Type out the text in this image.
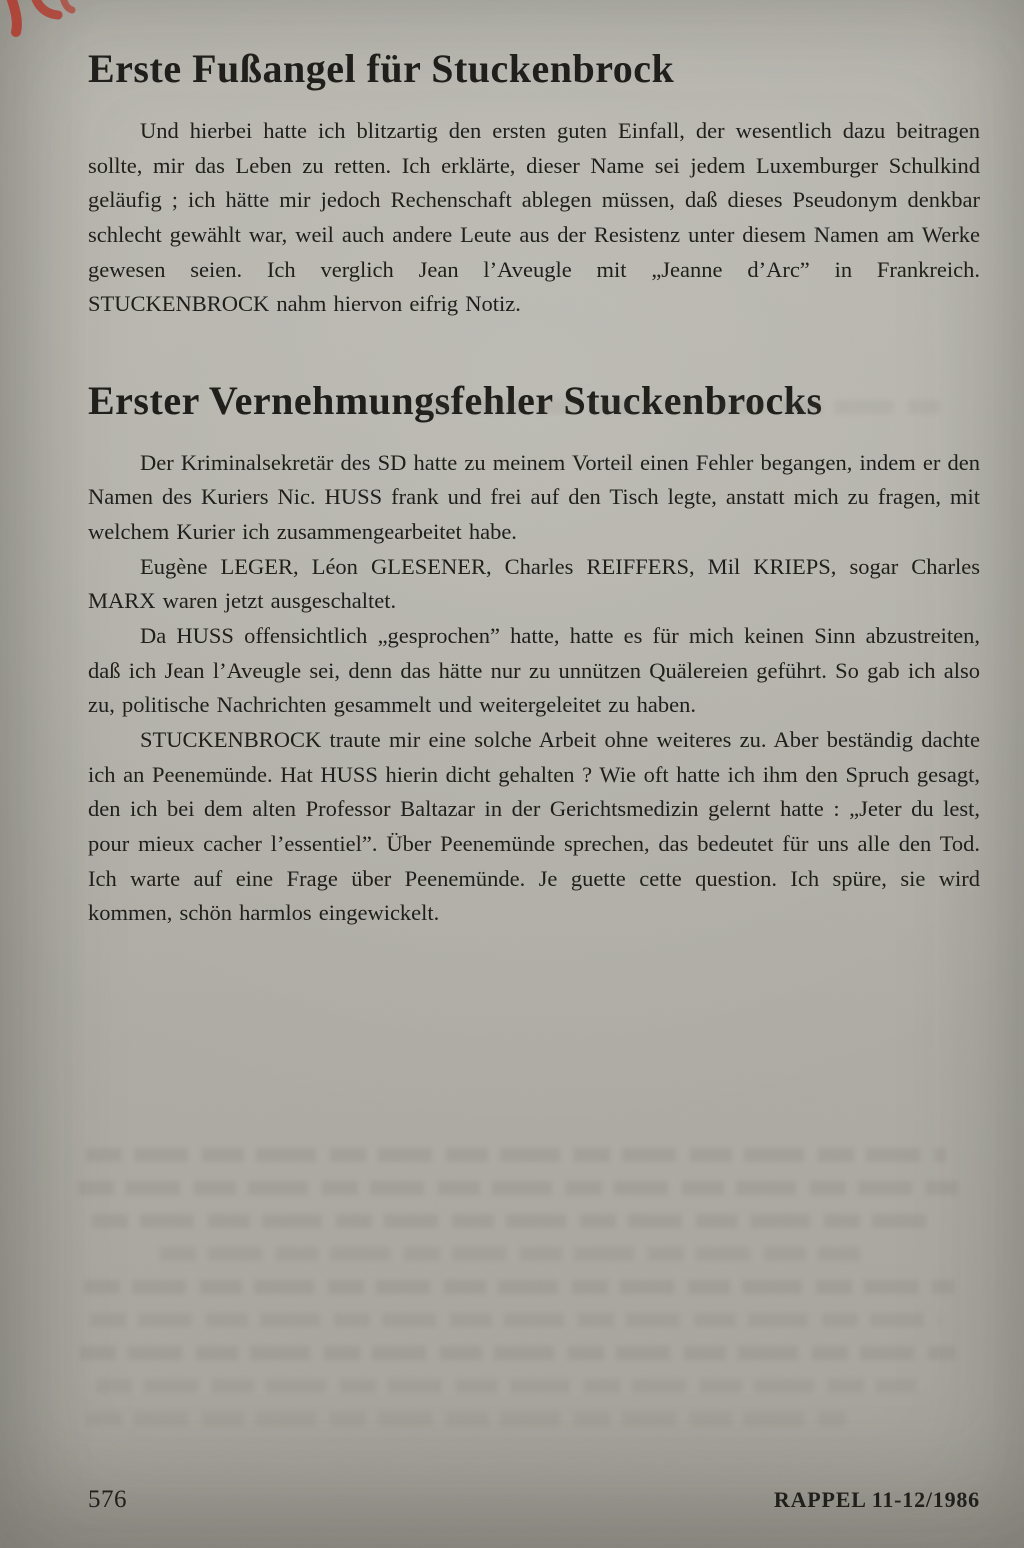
Erste Fußangel für Stuckenbrock

Und hierbei hatte ich blitzartig den ersten guten Einfall, der wesentlich dazu beitragen sollte, mir das Leben zu retten. Ich erklärte, dieser Name sei jedem Luxemburger Schulkind geläufig ; ich hätte mir jedoch Rechenschaft ablegen müssen, daß dieses Pseudonym denkbar schlecht gewählt war, weil auch andere Leute aus der Resistenz unter diesem Namen am Werke gewesen seien. Ich verglich Jean l’Aveugle mit „Jeanne d’Arc” in Frankreich. STUCKENBROCK nahm hiervon eifrig Notiz.

Erster Vernehmungsfehler Stuckenbrocks

Der Kriminalsekretär des SD hatte zu meinem Vorteil einen Fehler begangen, indem er den Namen des Kuriers Nic. HUSS frank und frei auf den Tisch legte, anstatt mich zu fragen, mit welchem Kurier ich zusammengearbeitet habe.

Eugène LEGER, Léon GLESENER, Charles REIFFERS, Mil KRIEPS, sogar Charles MARX waren jetzt ausgeschaltet.

Da HUSS offensichtlich „gesprochen” hatte, hatte es für mich keinen Sinn abzustreiten, daß ich Jean l’Aveugle sei, denn das hätte nur zu unnützen Quälereien geführt. So gab ich also zu, politische Nachrichten gesammelt und weitergeleitet zu haben.

STUCKENBROCK traute mir eine solche Arbeit ohne weiteres zu. Aber beständig dachte ich an Peenemünde. Hat HUSS hierin dicht gehalten ? Wie oft hatte ich ihm den Spruch gesagt, den ich bei dem alten Professor Baltazar in der Gerichtsmedizin gelernt hatte : „Jeter du lest, pour mieux cacher l’essentiel”. Über Peenemünde sprechen, das bedeutet für uns alle den Tod. Ich warte auf eine Frage über Peenemünde. Je guette cette question. Ich spüre, sie wird kommen, schön harmlos eingewickelt.

576	RAPPEL 11-12/1986
